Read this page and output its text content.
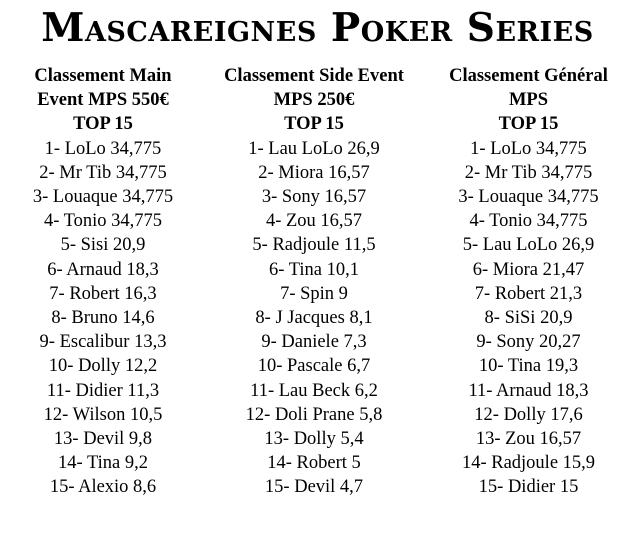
Mascareignes Poker Series
Classement Main
Event MPS 550€
TOP 15
1- LoLo 34,775
2- Mr Tib 34,775
3- Louaque 34,775
4- Tonio 34,775
5- Sisi 20,9
6- Arnaud 18,3
7- Robert 16,3
8- Bruno 14,6
9- Escalibur 13,3
10- Dolly 12,2
11- Didier 11,3
12- Wilson 10,5
13- Devil 9,8
14- Tina 9,2
15- Alexio 8,6
Classement Side Event
MPS 250€
TOP 15
1- Lau LoLo 26,9
2- Miora 16,57
3- Sony 16,57
4- Zou 16,57
5- Radjoule 11,5
6- Tina 10,1
7- Spin 9
8- J Jacques 8,1
9- Daniele 7,3
10- Pascale 6,7
11- Lau Beck 6,2
12- Doli Prane 5,8
13- Dolly 5,4
14- Robert 5
15- Devil 4,7
Classement Général
MPS
TOP 15
1- LoLo 34,775
2- Mr Tib 34,775
3- Louaque 34,775
4- Tonio 34,775
5- Lau LoLo 26,9
6- Miora 21,47
7- Robert 21,3
8- SiSi 20,9
9- Sony 20,27
10- Tina 19,3
11- Arnaud 18,3
12- Dolly 17,6
13- Zou 16,57
14- Radjoule 15,9
15- Didier 15
